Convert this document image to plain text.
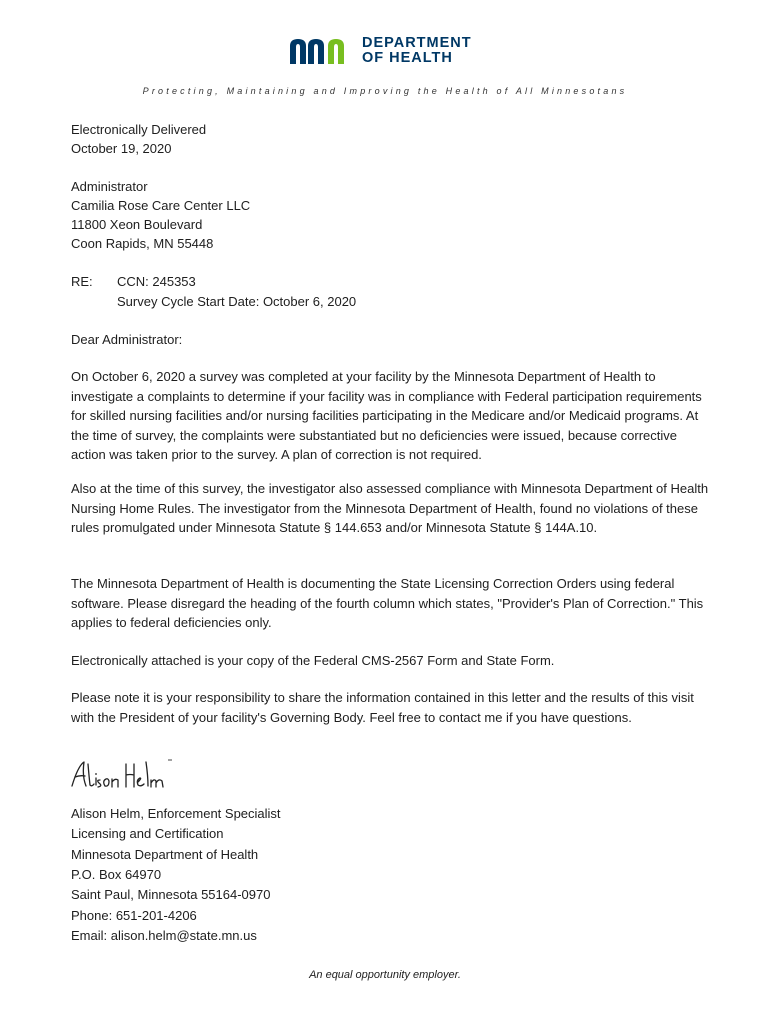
DEPARTMENT
OF HEALTH
Protecting, Maintaining and Improving the Health of All Minnesotans
Electronically Delivered
October 19, 2020
Administrator
Camilia Rose Care Center LLC
11800 Xeon Boulevard
Coon Rapids, MN 55448
RE: CCN: 245353
Survey Cycle Start Date: October 6, 2020
Dear Administrator:

On October 6, 2020 a survey was completed at your facility by the Minnesota Department of Health to investigate a complaints to determine if your facility was in compliance with Federal participation requirements for skilled nursing facilities and/or nursing facilities participating in the Medicare and/or Medicaid programs. At the time of survey, the complaints were substantiated but no deficiencies were issued, because corrective action was taken prior to the survey. A plan of correction is not required.

Also at the time of this survey, the investigator also assessed compliance with Minnesota Department of Health Nursing Home Rules. The investigator from the Minnesota Department of Health, found no violations of these rules promulgated under Minnesota Statute § 144.653 and/or Minnesota Statute § 144A.10.

The Minnesota Department of Health is documenting the State Licensing Correction Orders using federal software. Please disregard the heading of the fourth column which states, "Provider's Plan of Correction." This applies to federal deficiencies only.

Electronically attached is your copy of the Federal CMS-2567 Form and State Form.

Please note it is your responsibility to share the information contained in this letter and the results of this visit with the President of your facility's Governing Body. Feel free to contact me if you have questions.

Alison Helm, Enforcement Specialist
Licensing and Certification
Minnesota Department of Health
P.O. Box 64970
Saint Paul, Minnesota 55164-0970
Phone: 651-201-4206
Email: alison.helm@state.mn.us
An equal opportunity employer.
